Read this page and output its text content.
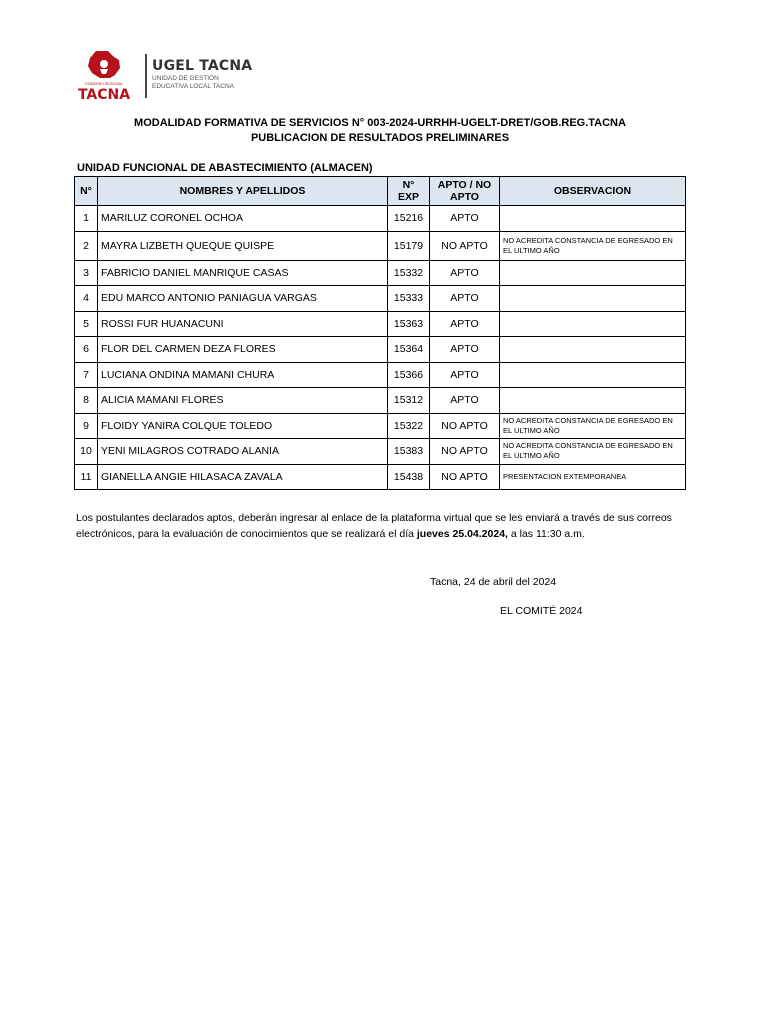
GOBIERNO REGIONAL
TACNA
UGEL TACNA
UNIDAD DE GESTIÓN
EDUCATIVA LOCAL TACNA
MODALIDAD FORMATIVA DE SERVICIOS N° 003-2024-URRHH-UGELT-DRET/GOB.REG.TACNA
PUBLICACION DE RESULTADOS PRELIMINARES
UNIDAD FUNCIONAL DE ABASTECIMIENTO (ALMACEN)
N°	NOMBRES Y APELLIDOS	N° EXP	APTO / NO APTO	OBSERVACION
1	MARILUZ CORONEL OCHOA	15216	APTO	
2	MAYRA LIZBETH QUEQUE QUISPE	15179	NO APTO	NO ACREDITA CONSTANCIA DE EGRESADO EN EL ULTIMO AÑO
3	FABRICIO DANIEL MANRIQUE CASAS	15332	APTO	
4	EDU MARCO ANTONIO PANIAGUA VARGAS	15333	APTO	
5	ROSSI FUR HUANACUNI	15363	APTO	
6	FLOR DEL CARMEN DEZA FLORES	15364	APTO	
7	LUCIANA ONDINA MAMANI CHURA	15366	APTO	
8	ALICIA MAMANI FLORES	15312	APTO	
9	FLOIDY YANIRA COLQUE TOLEDO	15322	NO APTO	NO ACREDITA CONSTANCIA DE EGRESADO EN EL ULTIMO AÑO
10	YENI MILAGROS COTRADO ALANIA	15383	NO APTO	NO ACREDITA CONSTANCIA DE EGRESADO EN EL ULTIMO AÑO
11	GIANELLA ANGIE HILASACA ZAVALA	15438	NO APTO	PRESENTACION EXTEMPORANEA
Los postulantes declarados aptos, deberán ingresar al enlace de la plataforma virtual que se les enviará a través de sus correos electrónicos, para la evaluación de conocimientos que se realizará el día jueves 25.04.2024, a las 11:30 a.m.
Tacna, 24 de abril del 2024
EL COMITÉ 2024
